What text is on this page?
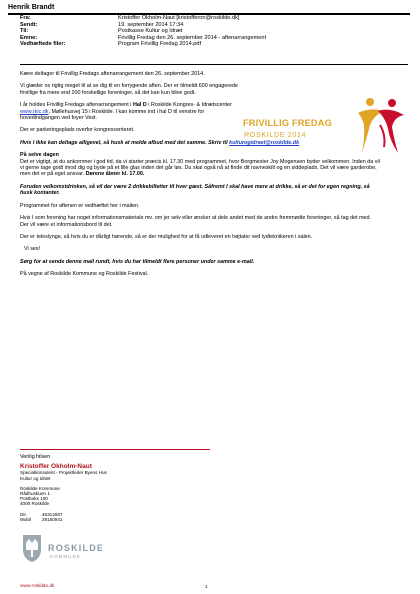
Henrik Brandt
Fra:	Kristoffer Okholm-Naut [kristofferon@roskilde.dk]
Sendt:	19. september 2014 17:34
Til:	Postkasse Kultur og Idræt
Emne:	Frivillig Fredag den 26. september 2014 - aftenarrangement
Vedhæftede filer:	Program Frivillig Fredag 2014.pdf
FRIVILLIG FREDAG
ROSKILDE 2014

Kære deltager til Frivillig Fredags aftenarrangement den 26. september 2014.

Vi glæder os rigtig meget til at se dig til en forrygende aften. Der er tilmeldt 600 engagerede frivillige fra mere end 200 forskellige foreninger, så det kan kun blive godt.

I år holdes Frivillig Fredags aftenarrangement i Hal D i Roskilde Kongres- & Idrætscenter www.rkic.dk, Møllehusvej 15 i Roskilde. I kan komme ind i hal D til venstre for hovedindgangen ved foyer Vest.

Der er parkeringsplads overfor kongrescenteret.

Hvis I ikke kan deltage alligevel, så husk at melde afbud med det samme. Skriv til kulturogidraet@roskilde.dk

På selve dagen

Det er vigtigt, at du ankommer i god tid, da vi starter præcis kl. 17.30 med programmet, hvor Borgmester Joy Mogensen byder velkommen. Inden da vil vi gerne tage godt imod dig og byde på et lille glas inden det går løs. Du skal også nå at finde dit navneskilt og en siddeplads. Det vil være garderobe, men det er på eget ansvar. Dørene åbner kl. 17.00.

Foruden velkomstdrinken, så vil der være 2 drikkebilletter til hver gæst. Såfremt I skal have mere at drikke, så er det for egen regning, så husk kontanter.

Programmet for aftenen er vedhæftet her i mailen.

Hvis I som forening har noget informationsmateriale mv. om jer selv eller ønsker at dele andet med de andre fremmødte foreninger, så tag det med. Der vil være et informationsbord til det.

Der er teleslynge, så hvis du er dårligt hørende, så er der mulighed for at få udleveret en højtaler ved lydteknikeren i salen.

Vi ses!

Sørg for at sende denne mail rundt, hvis du har tilmeldt flere personer under samme e-mail.

På vegne af Roskilde Kommune og Roskilde Festival.

Venlig hilsen
Kristoffer Okholm-Naut
Specialkonsulent - Projektleder Byens Hus
Kultur og Idræt
Roskilde Kommune
Rådhusbuen 1
Postboks 100
4000 Roskilde
Dir.	46314067
Mobil	29160941
ROSKILDE
KOMMUNE
www.roskilde.dk	1
